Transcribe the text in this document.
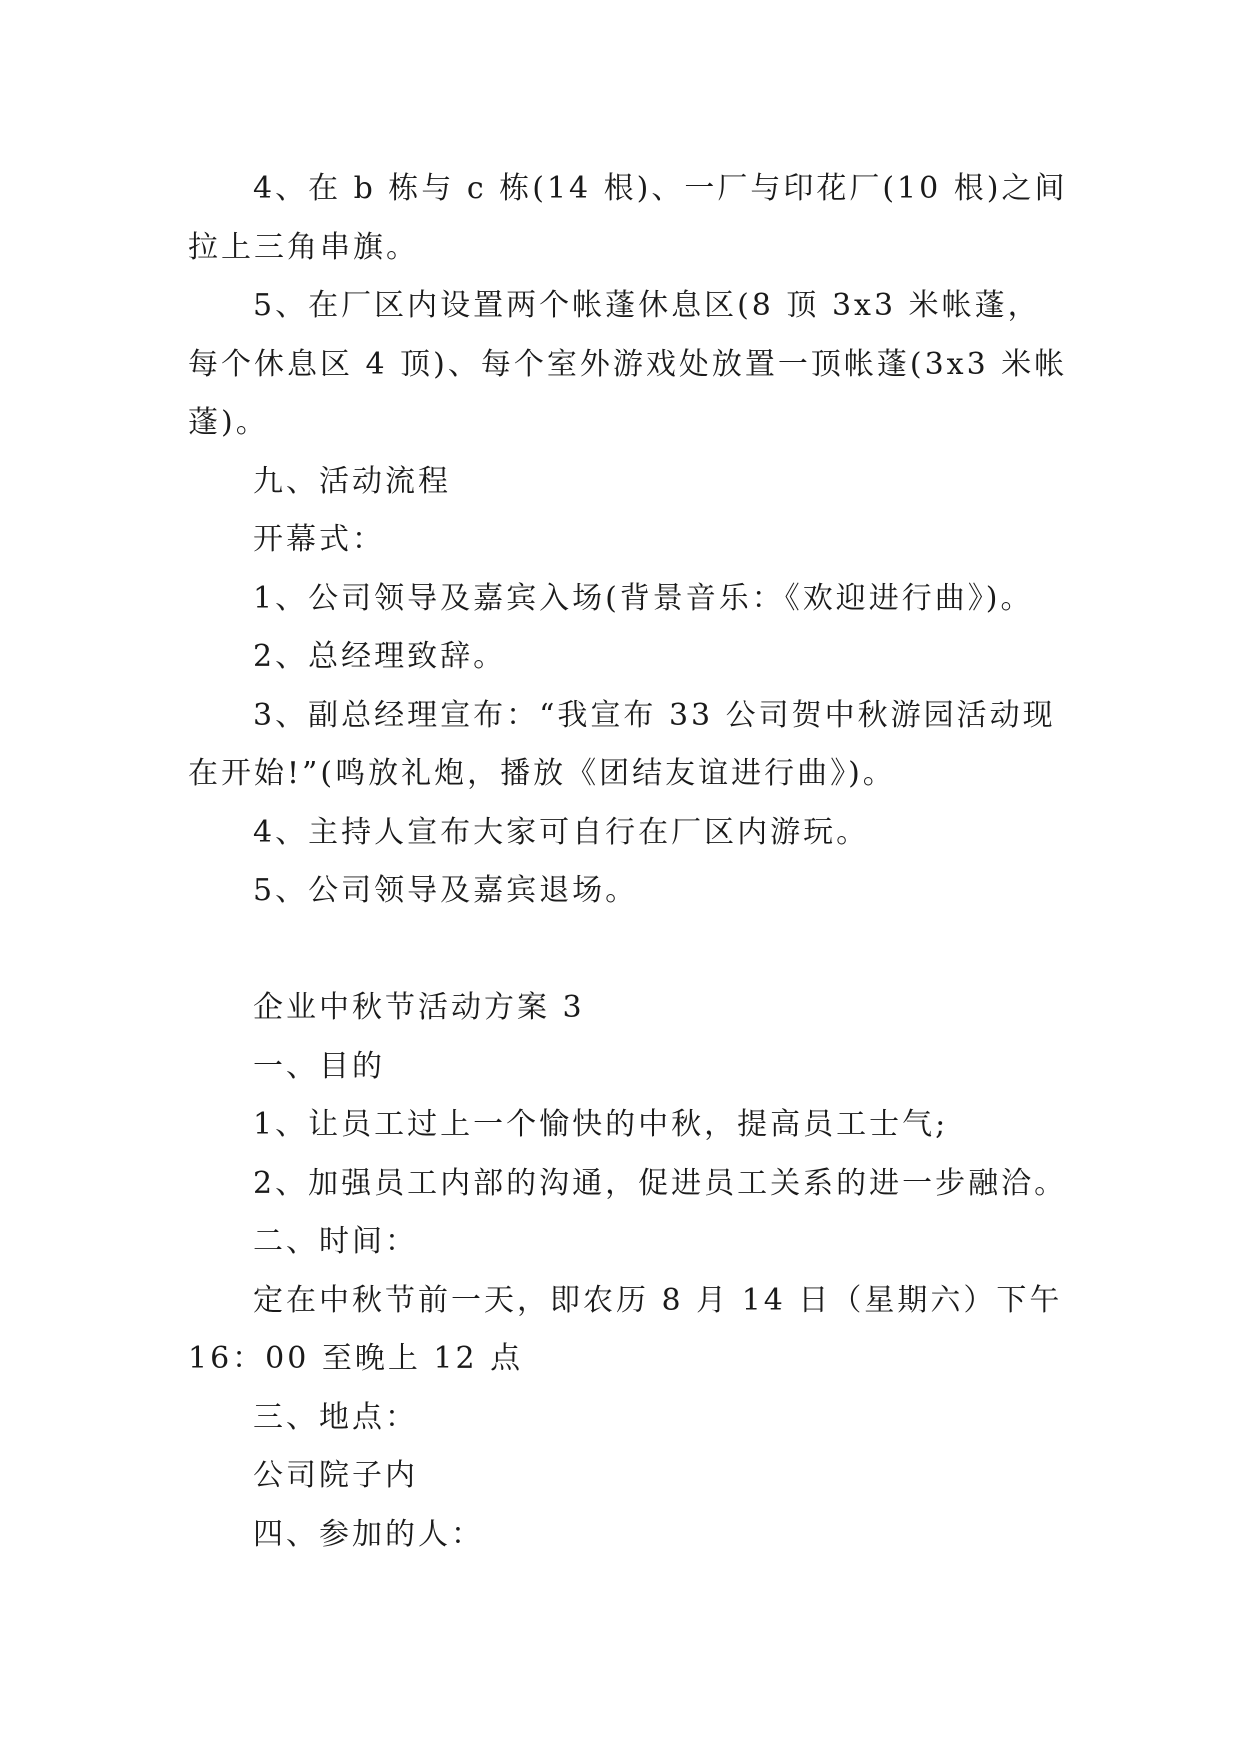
4、在 b 栋与 c 栋(14 根)、一厂与印花厂(10 根)之间拉上三角串旗。

5、在厂区内设置两个帐蓬休息区(8 顶 3x3 米帐蓬，每个休息区 4 顶)、每个室外游戏处放置一顶帐蓬(3x3 米帐蓬)。

九、活动流程

开幕式：

1、公司领导及嘉宾入场(背景音乐：《欢迎进行曲》)。

2、总经理致辞。

3、副总经理宣布：“我宣布 33 公司贺中秋游园活动现在开始!”(鸣放礼炮，播放《团结友谊进行曲》)。

4、主持人宣布大家可自行在厂区内游玩。

5、公司领导及嘉宾退场。

企业中秋节活动方案 3

一、目的

1、让员工过上一个愉快的中秋，提高员工士气;

2、加强员工内部的沟通，促进员工关系的进一步融洽。

二、时间：

定在中秋节前一天，即农历 8 月 14 日（星期六）下午 16：00 至晚上 12 点

三、地点：

公司院子内

四、参加的人：
